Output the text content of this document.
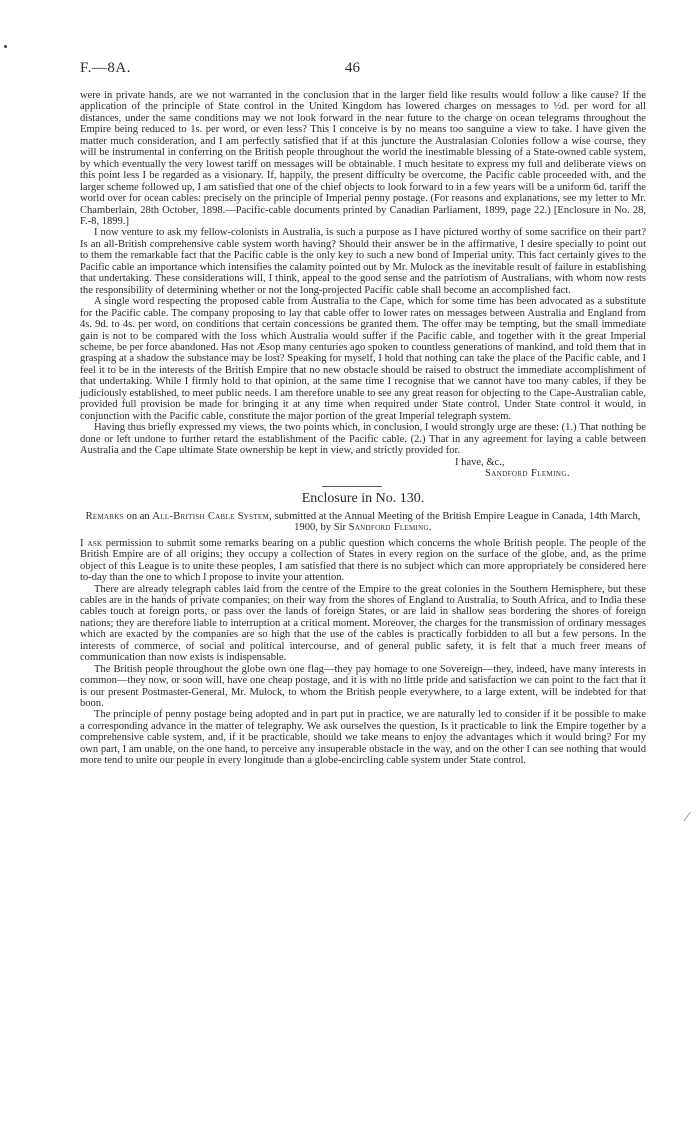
⁄
F.—8A.	46

were in private hands, are we not warranted in the conclusion that in the larger field like results would follow a like cause? If the application of the principle of State control in the United Kingdom has lowered charges on messages to ½d. per word for all distances, under the same conditions may we not look forward in the near future to the charge on ocean telegrams throughout the Empire being reduced to 1s. per word, or even less? This I conceive is by no means too sanguine a view to take. I have given the matter much consideration, and I am perfectly satisfied that if at this juncture the Australasian Colonies follow a wise course, they will be instrumental in conferring on the British people throughout the world the inestimable blessing of a State-owned cable system, by which eventually the very lowest tariff on messages will be obtainable. I much hesitate to express my full and deliberate views on this point less I be regarded as a visionary. If, happily, the present difficulty be overcome, the Pacific cable proceeded with, and the larger scheme followed up, I am satisfied that one of the chief objects to look forward to in a few years will be a uniform 6d. tariff the world over for ocean cables: precisely on the principle of Imperial penny postage. (For reasons and explanations, see my letter to Mr. Chamberlain, 28th October, 1898.—Pacific-cable documents printed by Canadian Parliament, 1899, page 22.) [Enclosure in No. 28, F.-8, 1899.]

I now venture to ask my fellow-colonists in Australia, is such a purpose as I have pictured worthy of some sacrifice on their part? Is an all-British comprehensive cable system worth having? Should their answer be in the affirmative, I desire specially to point out to them the remarkable fact that the Pacific cable is the only key to such a new bond of Imperial unity. This fact certainly gives to the Pacific cable an importance which intensifies the calamity pointed out by Mr. Mulock as the inevitable result of failure in establishing that undertaking. These considerations will, I think, appeal to the good sense and the patriotism of Australians, with whom now rests the responsibility of determining whether or not the long-projected Pacific cable shall become an accomplished fact.

A single word respecting the proposed cable from Australia to the Cape, which for some time has been advocated as a substitute for the Pacific cable. The company proposing to lay that cable offer to lower rates on messages between Australia and England from 4s. 9d. to 4s. per word, on conditions that certain concessions be granted them. The offer may be tempting, but the small immediate gain is not to be compared with the loss which Australia would suffer if the Pacific cable, and together with it the great Imperial scheme, be per force abandoned. Has not Æsop many centuries ago spoken to countless generations of mankind, and told them that in grasping at a shadow the substance may be lost? Speaking for myself, I hold that nothing can take the place of the Pacific cable, and I feel it to be in the interests of the British Empire that no new obstacle should be raised to obstruct the immediate accomplishment of that undertaking. While I firmly hold to that opinion, at the same time I recognise that we cannot have too many cables, if they be judiciously established, to meet public needs. I am therefore unable to see any great reason for objecting to the Cape-Australian cable, provided full provision be made for bringing it at any time when required under State control. Under State control it would, in conjunction with the Pacific cable, constitute the major portion of the great Imperial telegraph system.

Having thus briefly expressed my views, the two points which, in conclusion, I would strongly urge are these: (1.) That nothing be done or left undone to further retard the establishment of the Pacific cable. (2.) That in any agreement for laying a cable between Australia and the Cape ultimate State ownership be kept in view, and strictly provided for.

I have, &c.,
Sandford Fleming.
Enclosure in No. 130.
Remarks on an All-British Cable System, submitted at the Annual Meeting of the British Empire League in Canada, 14th March, 1900, by Sir Sandford Fleming.

I ask permission to submit some remarks bearing on a public question which concerns the whole British people. The people of the British Empire are of all origins; they occupy a collection of States in every region on the surface of the globe, and, as the prime object of this League is to unite these peoples, I am satisfied that there is no subject which can more appropriately be considered here to-day than the one to which I propose to invite your attention.

There are already telegraph cables laid from the centre of the Empire to the great colonies in the Southern Hemisphere, but these cables are in the hands of private companies; on their way from the shores of England to Australia, to South Africa, and to India these cables touch at foreign ports, or pass over the lands of foreign States, or are laid in shallow seas bordering the shores of foreign nations; they are therefore liable to interruption at a critical moment. Moreover, the charges for the transmission of ordinary messages which are exacted by the companies are so high that the use of the cables is practically forbidden to all but a few persons. In the interests of commerce, of social and political intercourse, and of general public safety, it is felt that a much freer means of communication than now exists is indispensable.

The British people throughout the globe own one flag—they pay homage to one Sovereign—they, indeed, have many interests in common—they now, or soon will, have one cheap postage, and it is with no little pride and satisfaction we can point to the fact that it is our present Postmaster-General, Mr. Mulock, to whom the British people everywhere, to a large extent, will be indebted for that boon.

The principle of penny postage being adopted and in part put in practice, we are naturally led to consider if it be possible to make a corresponding advance in the matter of telegraphy. We ask ourselves the question, Is it practicable to link the Empire together by a comprehensive cable system, and, if it be practicable, should we take means to enjoy the advantages which it would bring? For my own part, I am unable, on the one hand, to perceive any insuperable obstacle in the way, and on the other I can see nothing that would more tend to unite our people in every longitude than a globe-encircling cable system under State control.
